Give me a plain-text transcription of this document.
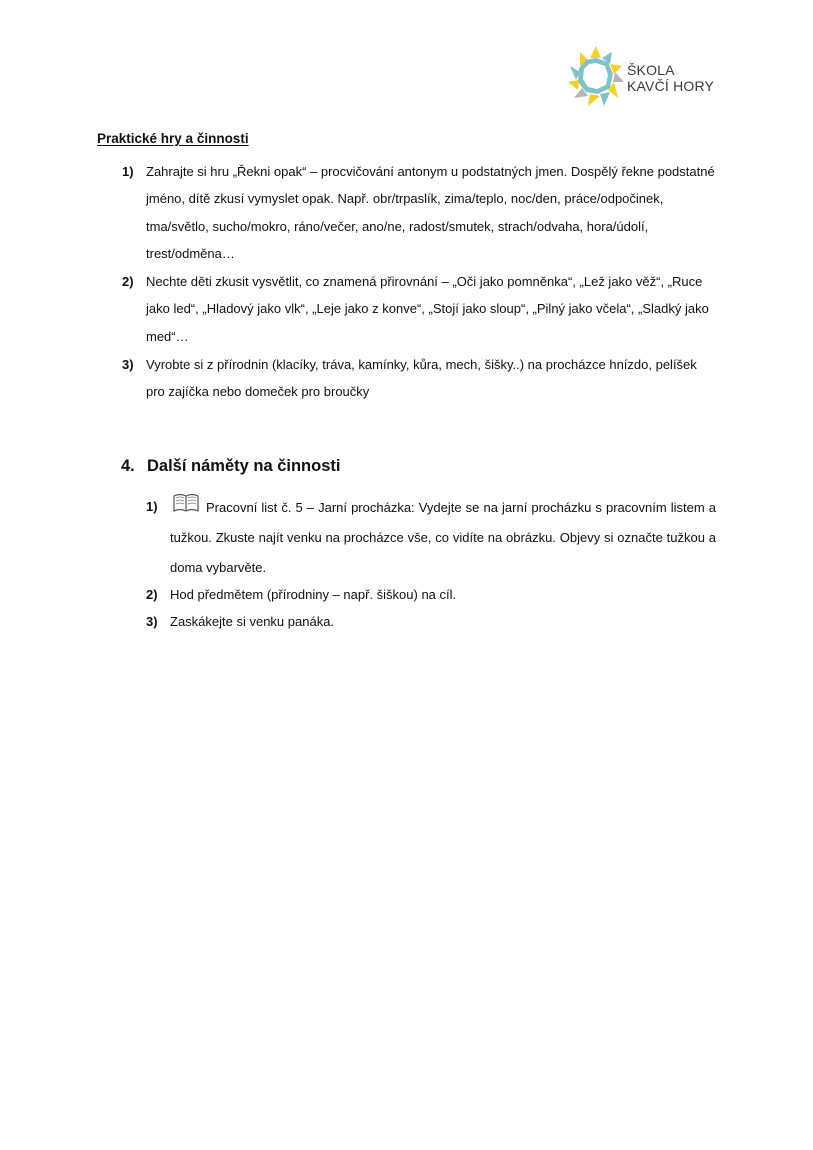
ŠKOLA
KAVČÍ HORY
Praktické hry a činnosti
1) Zahrajte si hru „Řekni opak“ – procvičování antonym u podstatných jmen. Dospělý řekne podstatné jméno, dítě zkusí vymyslet opak. Např. obr/trpaslík, zima/teplo, noc/den, práce/odpočinek, tma/světlo, sucho/mokro, ráno/večer, ano/ne, radost/smutek, strach/odvaha, hora/údolí, trest/odměna…
2) Nechte děti zkusit vysvětlit, co znamená přirovnání – „Oči jako pomněnka“, „Lež jako věž“, „Ruce jako led“, „Hladový jako vlk“, „Leje jako z konve“, „Stojí jako sloup“, „Pilný jako včela“, „Sladký jako med“…
3) Vyrobte si z přírodnin (klacíky, tráva, kamínky, kůra, mech, šišky..) na procházce hnízdo, pelíšek pro zajíčka nebo domeček pro broučky
4. Další náměty na činnosti
1)	Pracovní list č. 5 – Jarní procházka: Vydejte se na jarní procházku s pracovním listem a tužkou. Zkuste najít venku na procházce vše, co vidíte na obrázku. Objevy si označte tužkou a doma vybarvěte.
2) Hod předmětem (přírodniny – např. šiškou) na cíl.
3) Zaskákejte si venku panáka.
